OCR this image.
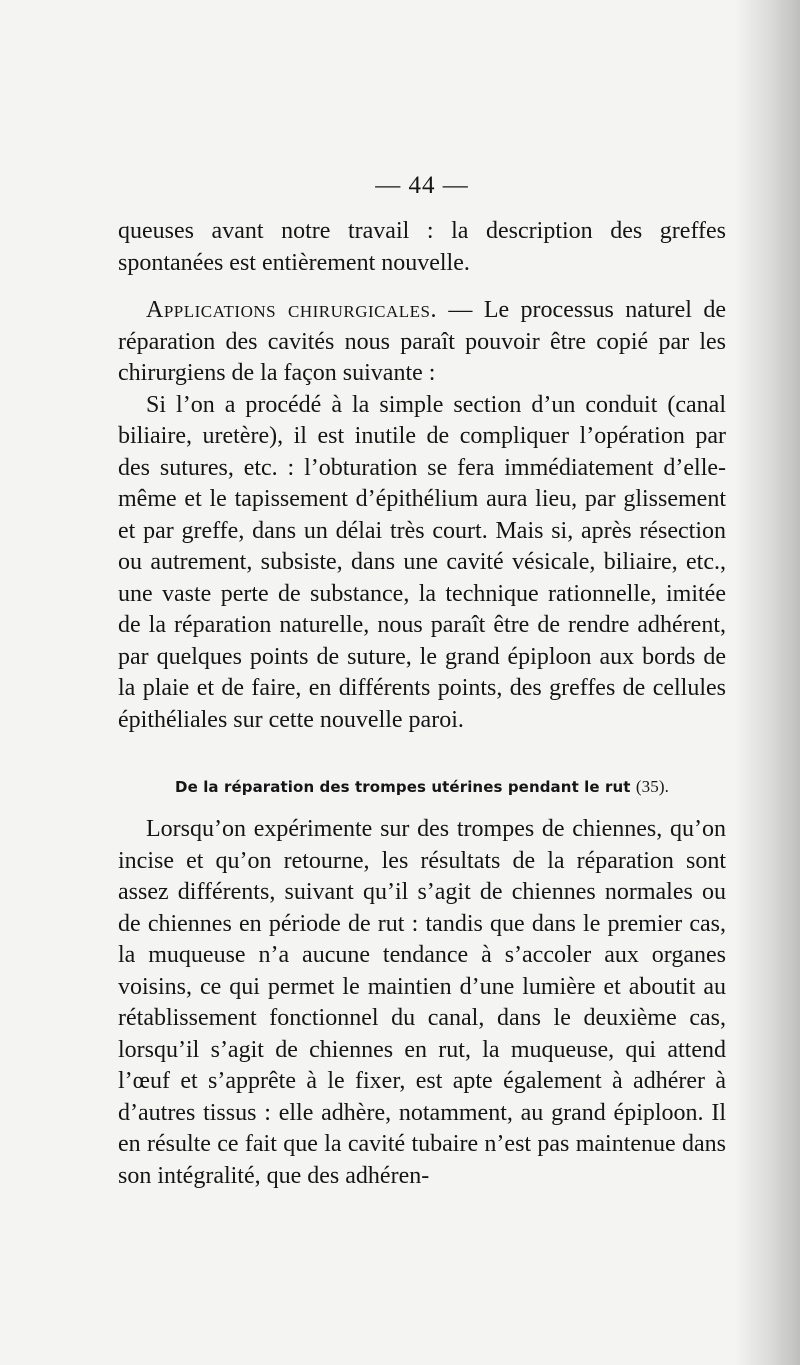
— 44 —

queuses avant notre travail : la description des greffes spontanées est entièrement nouvelle.

Applications chirurgicales. — Le processus naturel de réparation des cavités nous paraît pouvoir être copié par les chirurgiens de la façon suivante :

Si l’on a procédé à la simple section d’un conduit (canal biliaire, uretère), il est inutile de compliquer l’opération par des sutures, etc. : l’obturation se fera immédiatement d’elle-même et le tapissement d’épithélium aura lieu, par glissement et par greffe, dans un délai très court. Mais si, après résection ou autrement, subsiste, dans une cavité vésicale, biliaire, etc., une vaste perte de substance, la technique rationnelle, imitée de la réparation naturelle, nous paraît être de rendre adhérent, par quelques points de suture, le grand épiploon aux bords de la plaie et de faire, en différents points, des greffes de cellules épithéliales sur cette nouvelle paroi.

De la réparation des trompes utérines pendant le rut (35).

Lorsqu’on expérimente sur des trompes de chiennes, qu’on incise et qu’on retourne, les résultats de la réparation sont assez différents, suivant qu’il s’agit de chiennes normales ou de chiennes en période de rut : tandis que dans le premier cas, la muqueuse n’a aucune tendance à s’accoler aux organes voisins, ce qui permet le maintien d’une lumière et aboutit au rétablissement fonctionnel du canal, dans le deuxième cas, lorsqu’il s’agit de chiennes en rut, la muqueuse, qui attend l’œuf et s’apprête à le fixer, est apte également à adhérer à d’autres tissus : elle adhère, notamment, au grand épiploon. Il en résulte ce fait que la cavité tubaire n’est pas maintenue dans son intégralité, que des adhéren-
